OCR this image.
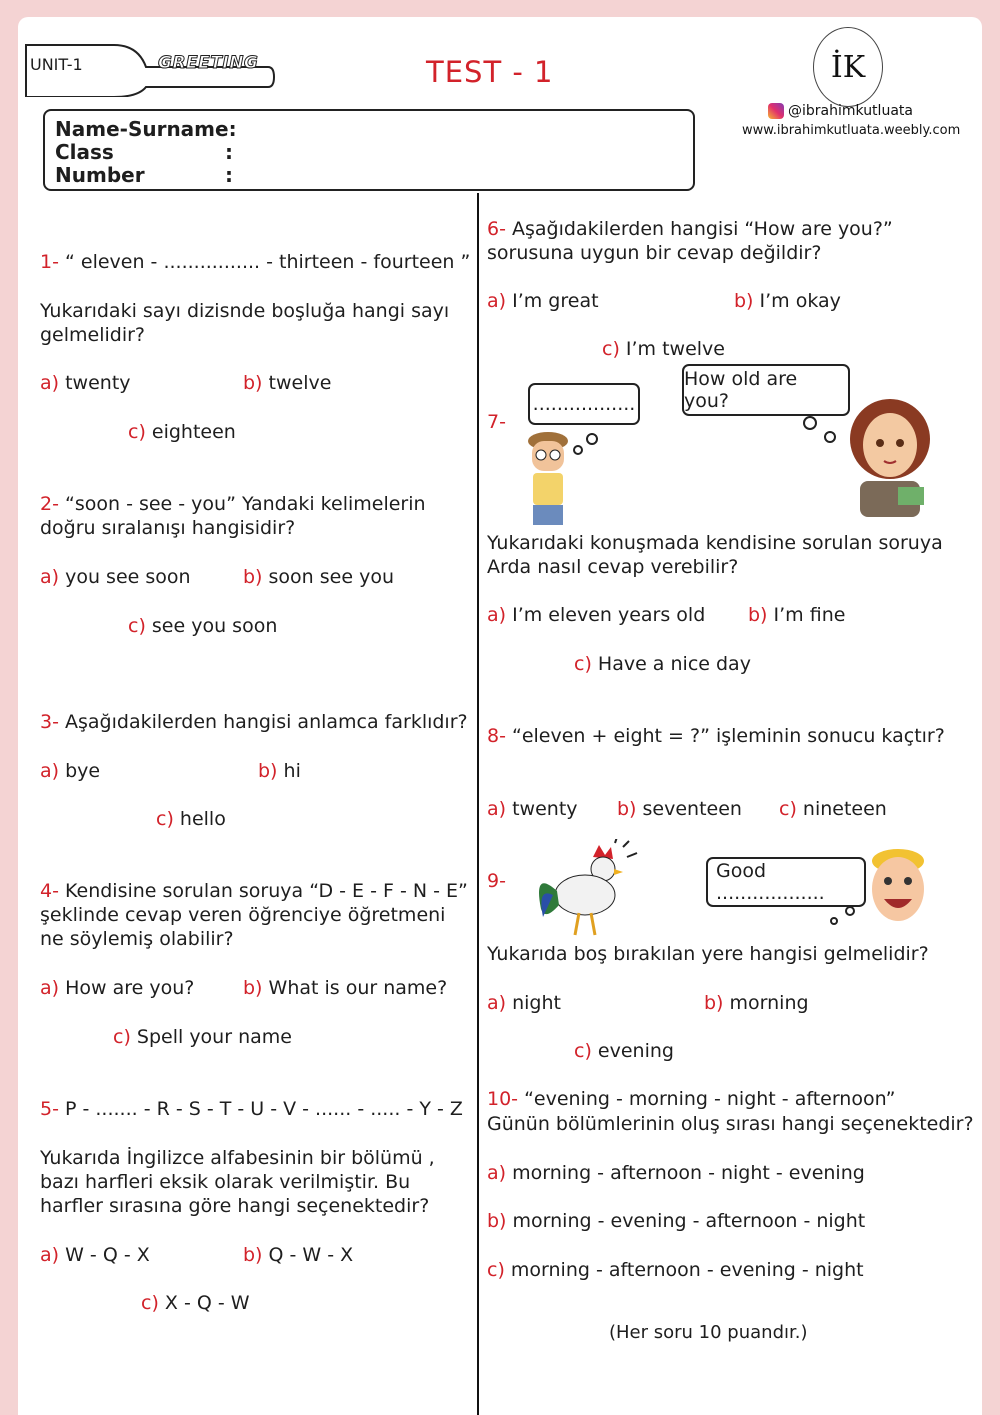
UNIT-1	GREETING	TEST - 1	İK
@ibrahimkutluata
www.ibrahimkutluata.weebly.com
Name-Surname:
Class	:
Number	:
1- “ eleven - ................ - thirteen - fourteen ”
Yukarıdaki sayı dizisnde boşluğa hangi sayı gelmelidir?
a) twenty	b) twelve
c) eighteen
2- “soon - see - you” Yandaki kelimelerin doğru sıralanışı hangisidir?
a) you see soon	b) soon see you
c) see you soon
3- Aşağıdakilerden hangisi anlamca farklıdır?
a) bye	b) hi
c) hello
4- Kendisine sorulan soruya “D - E - F - N - E” şeklinde cevap veren öğrenciye öğretmeni ne söylemiş olabilir?
a) How are you?	b) What is our name?
c) Spell your name
5- P - ....... - R - S - T - U - V - ...... - ..... - Y - Z
Yukarıda İngilizce alfabesinin bir bölümü , bazı harfleri eksik olarak verilmiştir. Bu harfler sırasına göre hangi seçenektedir?
a) W - Q - X	b) Q - W - X
c) X - Q - W
6- Aşağıdakilerden hangisi “How are you?” sorusuna uygun bir cevap değildir?
a) I’m great	b) I’m okay
c) I’m twelve
7-
.................
How old are you?
Yukarıdaki konuşmada kendisine sorulan soruya Arda nasıl cevap verebilir?
a) I’m eleven years old b) I’m fine
c) Have a nice day
8- “eleven + eight = ?” işleminin sonucu kaçtır?
a) twenty b) seventeen c) nineteen
9-	Good ..................
Yukarıda boş bırakılan yere hangisi gelmelidir?
a) night	b) morning
c) evening
10- “evening - morning - night - afternoon”
Günün bölümlerinin oluş sırası hangi seçenektedir?
a) morning - afternoon - night - evening
b) morning - evening - afternoon - night
c) morning - afternoon - evening - night
(Her soru 10 puandır.)
